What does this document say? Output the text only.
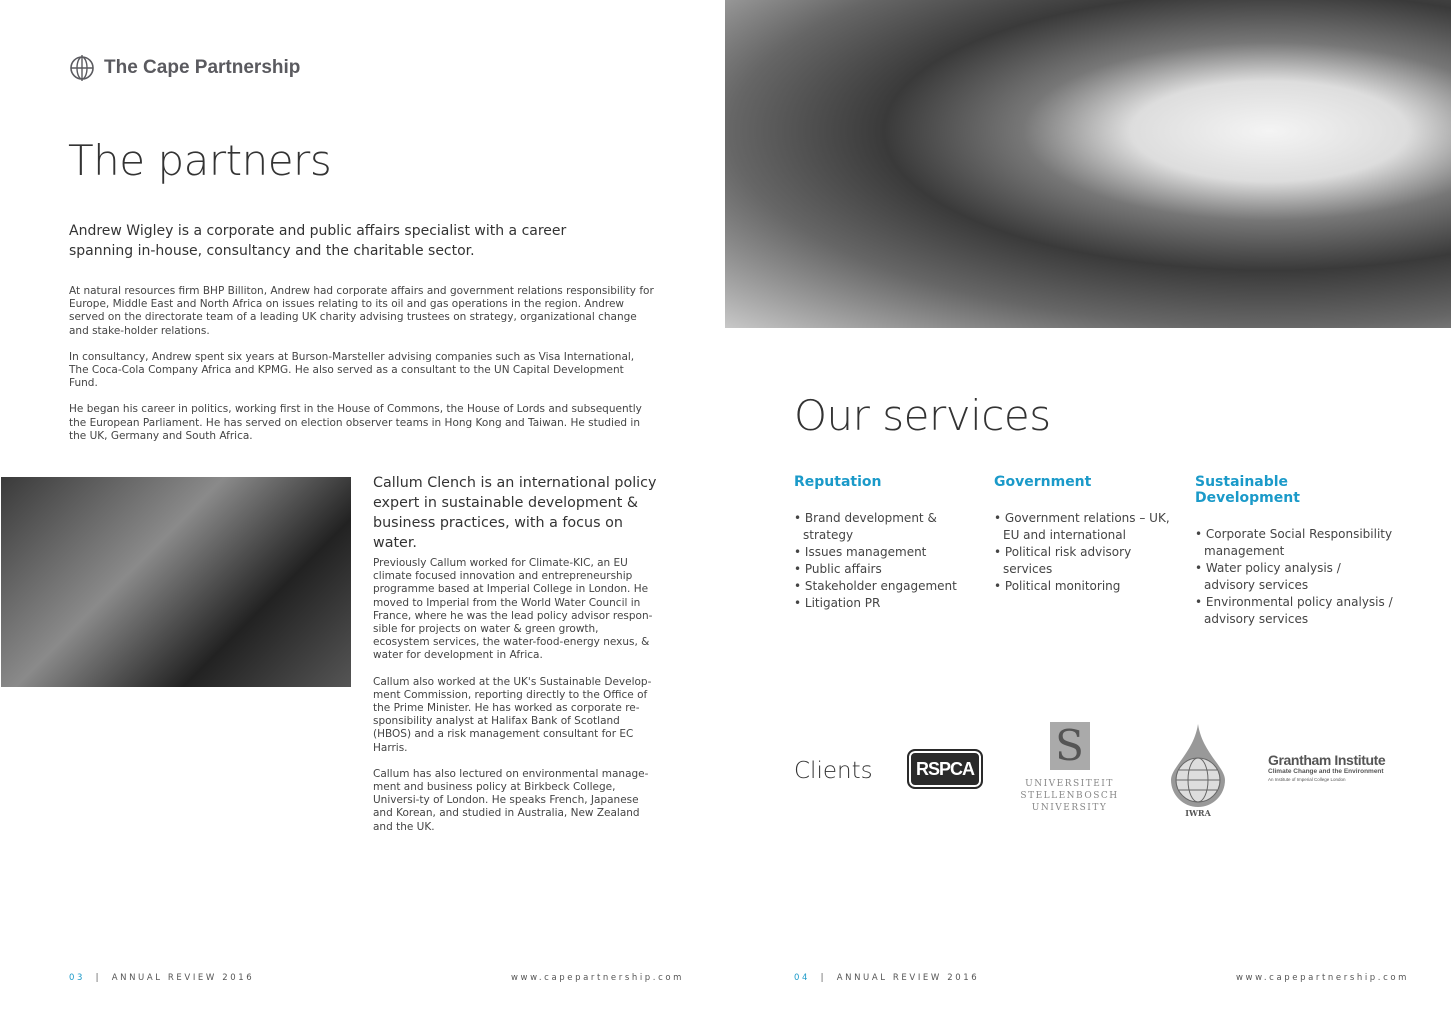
The Cape Partnership
The partners
Andrew Wigley is a corporate and public affairs specialist with a career spanning in-house, consultancy and the charitable sector.

At natural resources firm BHP Billiton, Andrew had corporate affairs and government relations responsibility for Europe, Middle East and North Africa on issues relating to its oil and gas operations in the region. Andrew served on the directorate team of a leading UK charity advising trustees on strategy, organizational change and stake-holder relations.

In consultancy, Andrew spent six years at Burson-Marsteller advising companies such as Visa International, The Coca-Cola Company Africa and KPMG. He also served as a consultant to the UN Capital Development Fund.

He began his career in politics, working first in the House of Commons, the House of Lords and subsequently the European Parliament. He has served on election observer teams in Hong Kong and Taiwan. He studied in the UK, Germany and South Africa.

Callum Clench is an international policy expert in sustainable development & business practices, with a focus on water.

Previously Callum worked for Climate-KIC, an EU climate focused innovation and entrepreneurship programme based at Imperial College in London. He moved to Imperial from the World Water Council in France, where he was the lead policy advisor respon-sible for projects on water & green growth, ecosystem services, the water-food-energy nexus, & water for development in Africa.

Callum also worked at the UK's Sustainable Develop-ment Commission, reporting directly to the Office of the Prime Minister. He has worked as corporate re-sponsibility analyst at Halifax Bank of Scotland (HBOS) and a risk management consultant for EC Harris.

Callum has also lectured on environmental manage-ment and business policy at Birkbeck College, Universi-ty of London. He speaks French, Japanese and Korean, and studied in Australia, New Zealand and the UK.

03 | ANNUAL REVIEW 2016	www.capepartnership.com
Our services
Reputation
• Brand development & strategy
• Issues management
• Public affairs
• Stakeholder engagement
• Litigation PR
Government
• Government relations – UK, EU and international
• Political risk advisory services
• Political monitoring
Sustainable Development
• Corporate Social Responsibility management
• Water policy analysis / advisory services
• Environmental policy analysis / advisory services
Clients	RSPCA S
UNIVERSITEIT
STELLENBOSCH
UNIVERSITY	IWRA
Grantham Institute
Climate Change and the Environment
An Institute of Imperial College London
04 | ANNUAL REVIEW 2016	www.capepartnership.com
